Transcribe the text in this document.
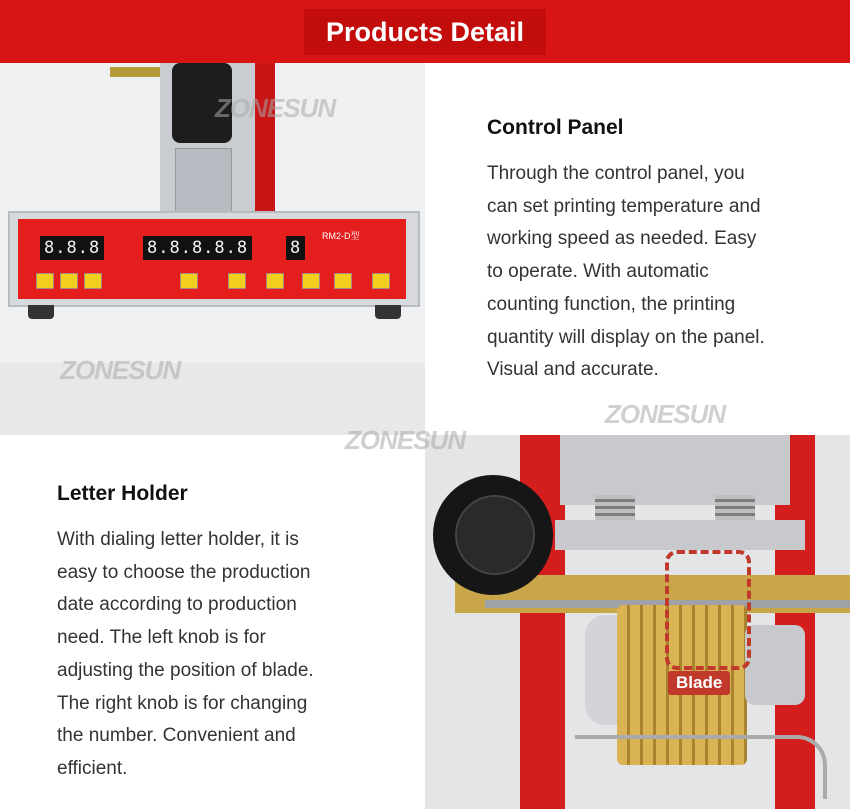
Products Detail
8.8.8	8.8.8.8.8 8
RM2-D型
ZONESUN
ZONESUN
Control Panel
Through the control panel, you
can set printing temperature and
working speed as needed. Easy
to operate. With automatic
counting function, the printing
quantity will display on the panel.
Visual and accurate.
Letter Holder
With dialing letter holder, it is
easy to choose the production
date according to production
need. The left knob is for
adjusting the position of blade.
The right knob is for changing
the number. Convenient and
efficient.
Blade
ZONESUN
ZONESUN
